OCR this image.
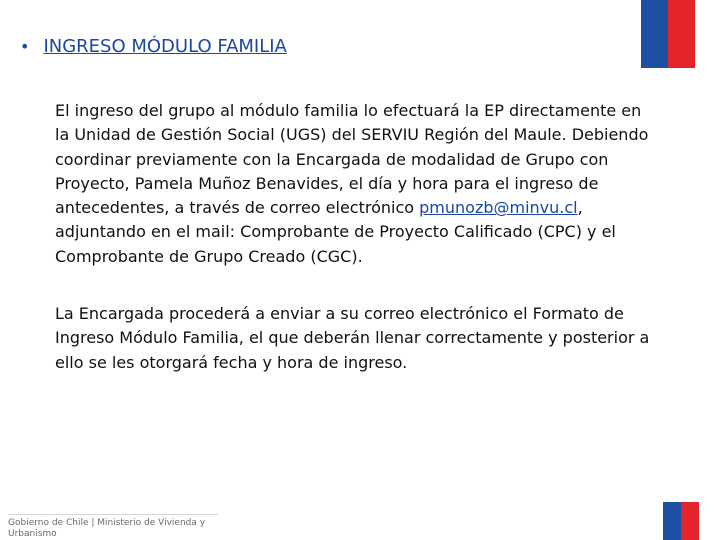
• INGRESO MÓDULO FAMILIA
El ingreso del grupo al módulo familia lo efectuará la EP directamente en la Unidad de Gestión Social (UGS) del SERVIU Región del Maule. Debiendo coordinar previamente con la Encargada de modalidad de Grupo con Proyecto, Pamela Muñoz Benavides, el día y hora para el ingreso de antecedentes, a través de correo electrónico pmunozb@minvu.cl, adjuntando en el mail: Comprobante de Proyecto Calificado (CPC) y el Comprobante de Grupo Creado (CGC).
La Encargada procederá a enviar a su correo electrónico el Formato de Ingreso Módulo Familia, el que deberán llenar correctamente y posterior a ello se les otorgará fecha y hora de ingreso.
Gobierno de Chile | Ministerio de Vivienda y Urbanismo
